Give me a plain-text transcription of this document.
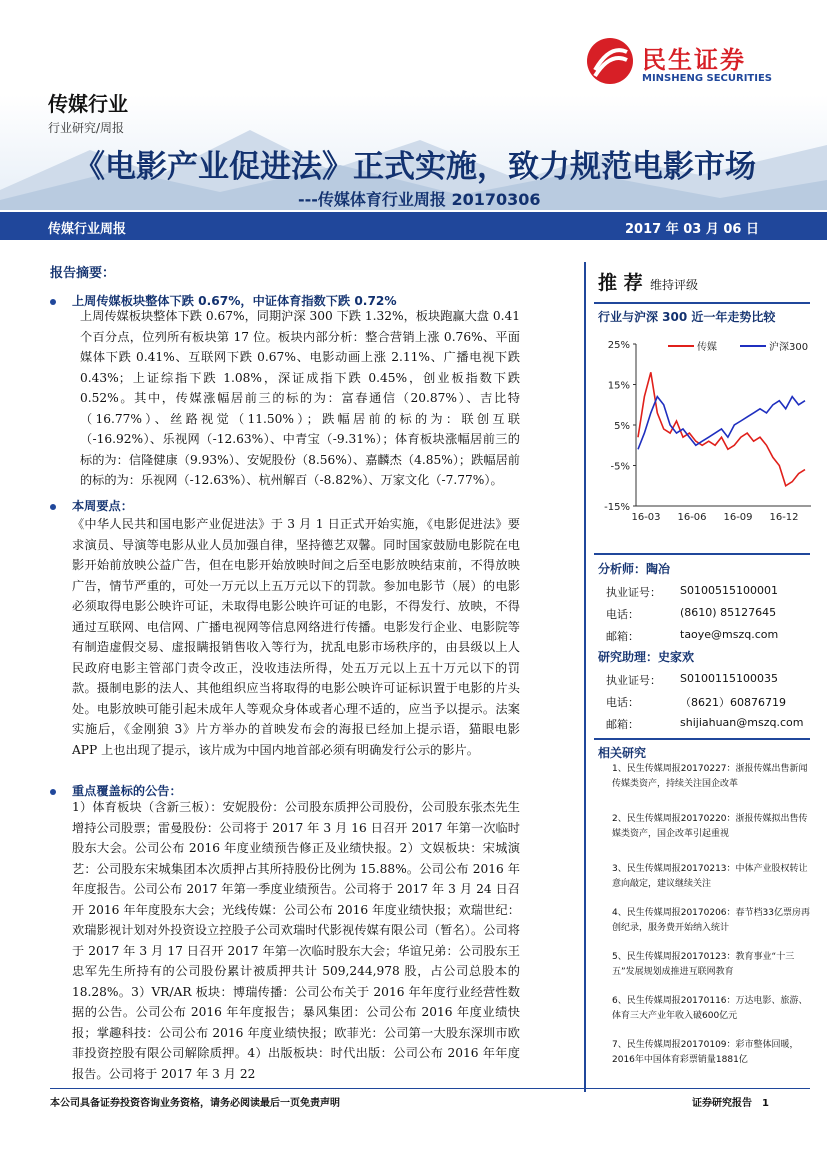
民生证券
MINSHENG SECURITIES
传媒行业
行业研究/周报
《电影产业促进法》正式实施，致力规范电影市场
---传媒体育行业周报 20170306
传媒行业周报	2017 年 03 月 06 日
报告摘要：
上周传媒板块整体下跌 0.67%，中证体育指数下跌 0.72%
上周传媒板块整体下跌 0.67%，同期沪深 300 下跌 1.32%，板块跑赢大盘 0.41 个百分点，位列所有板块第 17 位。板块内部分析：整合营销上涨 0.76%、平面媒体下跌 0.41%、互联网下跌 0.67%、电影动画上涨 2.11%、广播电视下跌 0.43%；上证综指下跌 1.08%，深证成指下跌 0.45%，创业板指数下跌 0.52%。其中，传媒涨幅居前三的标的为：富春通信（20.87%）、吉比特（16.77%）、丝路视觉（11.50%）；跌幅居前的标的为：联创互联（-16.92%）、乐视网（-12.63%）、中青宝（-9.31%）；体育板块涨幅居前三的标的为：信隆健康（9.93%）、安妮股份（8.56%）、嘉麟杰（4.85%）；跌幅居前的标的为：乐视网（-12.63%）、杭州解百（-8.82%）、万家文化（-7.77%）。
本周要点：
《中华人民共和国电影产业促进法》于 3 月 1 日正式开始实施，《电影促进法》要求演员、导演等电影从业人员加强自律，坚持德艺双馨。同时国家鼓励电影院在电影开始前放映公益广告，但在电影开始放映时间之后至电影放映结束前，不得放映广告，情节严重的，可处一万元以上五万元以下的罚款。参加电影节（展）的电影必须取得电影公映许可证，未取得电影公映许可证的电影，不得发行、放映，不得通过互联网、电信网、广播电视网等信息网络进行传播。电影发行企业、电影院等有制造虚假交易、虚报瞒报销售收入等行为，扰乱电影市场秩序的，由县级以上人民政府电影主管部门责令改正，没收违法所得，处五万元以上五十万元以下的罚款。摄制电影的法人、其他组织应当将取得的电影公映许可证标识置于电影的片头处。电影放映可能引起未成年人等观众身体或者心理不适的，应当予以提示。法案实施后，《金刚狼 3》片方举办的首映发布会的海报已经加上提示语，猫眼电影 APP 上也出现了提示，该片成为中国内地首部必须有明确发行公示的影片。
重点覆盖标的公告：
1）体育板块（含新三板）：安妮股份：公司股东质押公司股份，公司股东张杰先生增持公司股票；雷曼股份：公司将于 2017 年 3 月 16 日召开 2017 年第一次临时股东大会。公司公布 2016 年度业绩预告修正及业绩快报。2）文娱板块：宋城演艺：公司股东宋城集团本次质押占其所持股份比例为 15.88%。公司公布 2016 年年度报告。公司公布 2017 年第一季度业绩预告。公司将于 2017 年 3 月 24 日召开 2016 年年度股东大会；光线传媒：公司公布 2016 年度业绩快报；欢瑞世纪：欢瑞影视计划对外投资设立控股子公司欢瑞时代影视传媒有限公司（暂名）。公司将于 2017 年 3 月 17 日召开 2017 年第一次临时股东大会；华谊兄弟：公司股东王忠军先生所持有的公司股份累计被质押共计 509,244,978 股，占公司总股本的 18.28%。3）VR/AR 板块：博瑞传播：公司公布关于 2016 年年度行业经营性数据的公告。公司公布 2016 年年度报告；暴风集团：公司公布 2016 年度业绩快报；掌趣科技：公司公布 2016 年度业绩快报；欧菲光：公司第一大股东深圳市欧菲投资控股有限公司解除质押。4）出版板块：时代出版：公司公布 2016 年年度报告。公司将于 2017 年 3 月 22
推 荐 维持评级
行业与沪深 300 近一年走势比较
25%
15%
5%
-5%
-15%
16-03 16-06 16-09 16-12
传媒	沪深300
分析师：陶冶
执业证号： S0100515100001
电话：	(8610) 85127645
邮箱：	taoye@mszq.com
研究助理：史家欢
执业证号： S0100115100035
电话：	（8621）60876719
邮箱：	shijiahuan@mszq.com
相关研究
1、民生传媒周报20170227：浙报传媒出售新闻传媒类资产，持续关注国企改革
2、民生传媒周报20170220：浙报传媒拟出售传媒类资产，国企改革引起重视
3、民生传媒周报20170213：中体产业股权转让意向敲定，建议继续关注
4、民生传媒周报20170206：春节档33亿票房再创纪录，服务费开始纳入统计
5、民生传媒周报20170123：教育事业“十三五”发展规划成推进互联网教育
6、民生传媒周报20170116：万达电影、旅游、体育三大产业年收入破600亿元
7、民生传媒周报20170109：彩市整体回暖，2016年中国体育彩票销量1881亿
本公司具备证券投资咨询业务资格，请务必阅读最后一页免责声明	证券研究报告　1
